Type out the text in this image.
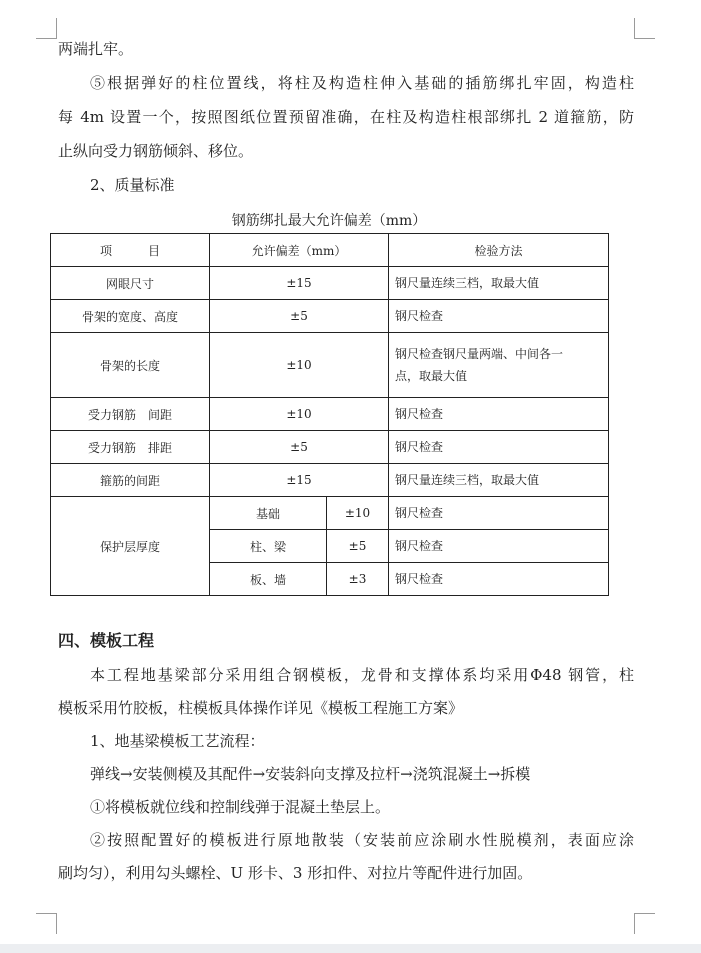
两端扎牢。
⑤根据弹好的柱位置线，将柱及构造柱伸入基础的插筋绑扎牢固，构造柱
每 4m 设置一个，按照图纸位置预留准确，在柱及构造柱根部绑扎 2 道箍筋，防
止纵向受力钢筋倾斜、移位。
2、质量标准
钢筋绑扎最大允许偏差（mm）
项　　　目	允许偏差（mm）		检验方法
网眼尺寸	±15		钢尺量连续三档，取最大值
骨架的宽度、高度	±5		钢尺检查
骨架的长度	±10		钢尺检查钢尺量两端、中间各一
点，取最大值

受力钢筋　间距	±10		钢尺检查
受力钢筋　排距	±5		钢尺检查
箍筋的间距	±15		钢尺量连续三档，取最大值
保护层厚度	基础	±10	钢尺检查
	柱、梁	±5	钢尺检查
	板、墙	±3	钢尺检查
四、模板工程
本工程地基梁部分采用组合钢模板，龙骨和支撑体系均采用Φ48 钢管，柱
模板采用竹胶板，柱模板具体操作详见《模板工程施工方案》
1、地基梁模板工艺流程：
弹线→安装侧模及其配件→安装斜向支撑及拉杆→浇筑混凝土→拆模
①将模板就位线和控制线弹于混凝土垫层上。
②按照配置好的模板进行原地散装（安装前应涂刷水性脱模剂，表面应涂
刷均匀），利用勾头螺栓、U 形卡、3 形扣件、对拉片等配件进行加固。
